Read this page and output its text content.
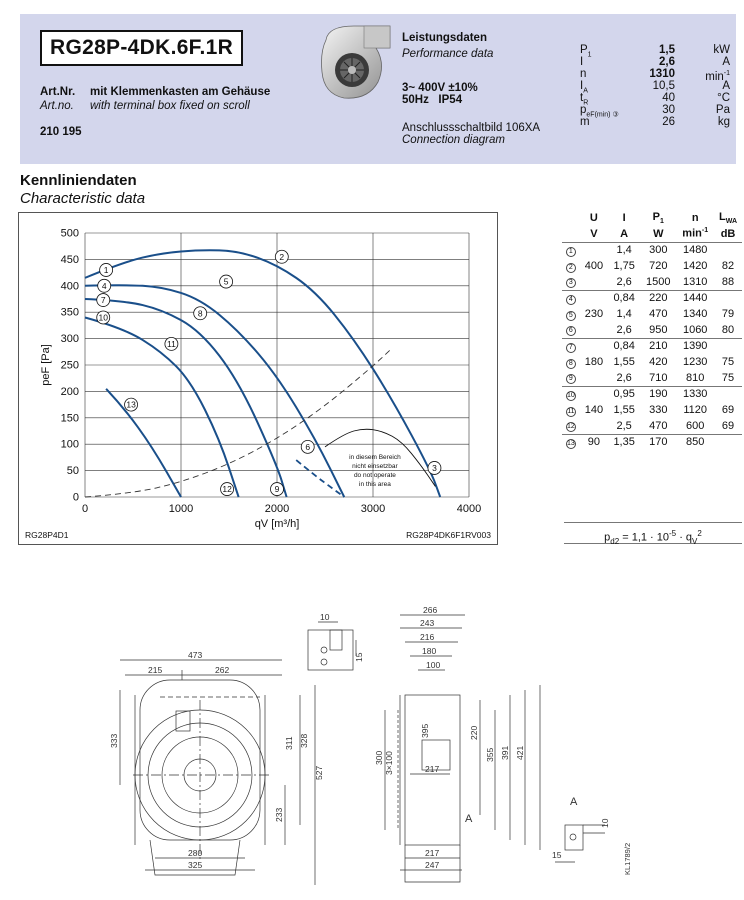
RG28P-4DK.6F.1R
Art.Nr. mit Klemmenkasten am Gehäuse
Art.no. with terminal box fixed on scroll
210 195
Leistungsdaten
Performance data
3~ 400V ±10%
50Hz   IP54
Anschlussschaltbild 106XA
Connection diagram
$P_1$	1,5	kW
I	2,6	A
n	1310	$\min^{-1}$
$I_A$	10,5	A
$t_R$	40	°C
$p_{eF(min) ③}$	30	Pa
m	26	kg
Kennliniendaten
Characteristic data
0
50
100
150
200
250
300
350
400
450
500
0	1000	2000	3000	4000
qV [m³/h]
peF [Pa]
1
2
3
4	5
6
7
8
9
10
11
12
13
in diesem Bereich
nicht einsetzbar
do not operate
in this area
RG28P4D1	RG28P4DK6F1RV003
	U	I	$P_1$	n	$L_{WA}$
	V	A	W	$\min^{-1}$	dB
1		1,4	300	1480	
2	400	1,75	720	1420	82
3		2,6	1500	1310	88
4		0,84	220	1440	
5	230	1,4	470	1340	79
6		2,6	950	1060	80
7		0,84	210	1390	
8	180	1,55	420	1230	75
9		2,6	710	810	75
10		0,95	190	1330	
11	140	1,55	330	1120	69
12		2,5	470	600	69
13	90	1,35	170	850	
$p_{d2} = 1,1 \cdot 10^{-5} \cdot q_V^2$
473
215	262
333	311 328
527
233
280
325
266
243
216
180
100
395	220
355 391 421
300 3×100	217
217
247
A
10
15
A
10
15	KL1789/2
